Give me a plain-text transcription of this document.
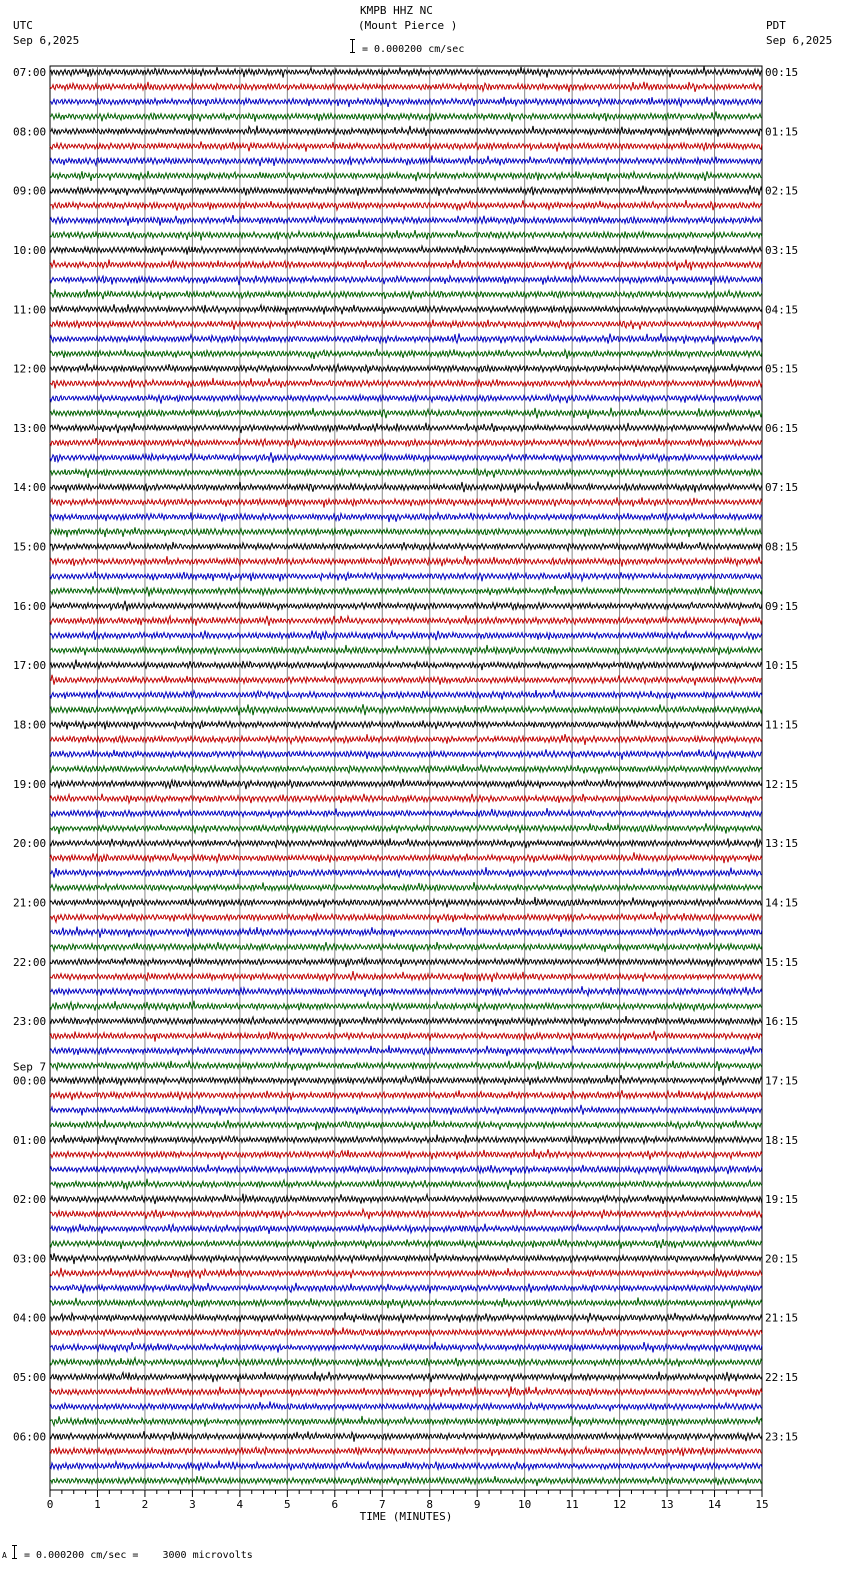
0	1	2	3	4	5	6	7	8	9	10	11	12	13	14	15
TIME (MINUTES)
07:00	00:15
08:00	01:15
09:00	02:15
10:00	03:15
11:00	04:15
12:00	05:15
13:00	06:15
14:00	07:15
15:00	08:15
16:00	09:15
17:00	10:15
18:00	11:15
19:00	12:15
20:00	13:15
21:00	14:15
22:00	15:15
23:00	16:15
00:00	17:15
01:00	18:15
02:00	19:15
03:00	20:15
04:00	21:15
05:00	22:15
06:00	23:15
Sep 7
KMPB HHZ NC
(Mount Pierce )
= 0.000200 cm/sec
UTC
Sep 6,2025
PDT
Sep 6,2025
A = 0.000200 cm/sec =    3000 microvolts
